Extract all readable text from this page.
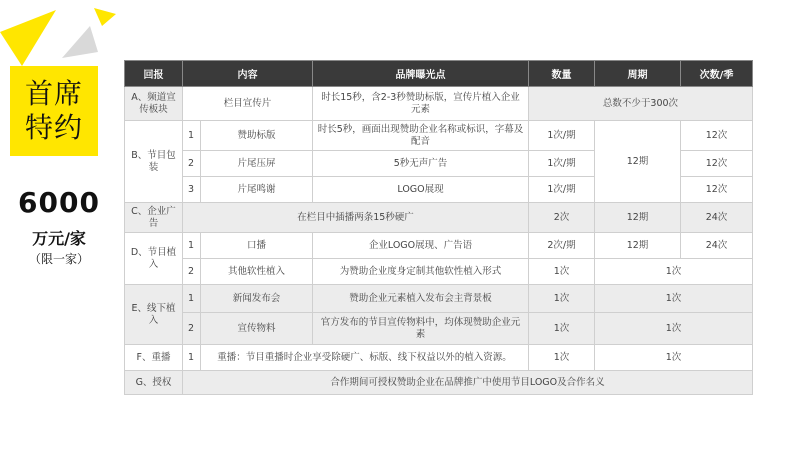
首席
特约
6000
万元/家
（限一家）
回报	内容		品牌曝光点	数量	周期	次数/季
A、频道宣传板块	栏目宣传片		时长15秒，含2-3秒赞助标版，宣传片植入企业元素	总数不少于300次		
B、节目包装	1	赞助标版	时长5秒，画面出现赞助企业名称或标识，字幕及配音	1次/期	12期	12次
	2	片尾压屏	5秒无声广告	1次/期		12次
	3	片尾鸣谢	LOGO展现	1次/期		12次
C、企业广告	在栏目中插播两条15秒硬广			2次	12期	24次
D、节目植入	1	口播	企业LOGO展现、广告语	2次/期	12期	24次
	2	其他软性植入	为赞助企业度身定制其他软性植入形式	1次	1次	
E、线下植入	1	新闻发布会	赞助企业元素植入发布会主背景板	1次	1次	
	2	宣传物料	官方发布的节目宣传物料中，均体现赞助企业元素	1次	1次	
F、重播	1	重播：节目重播时企业享受除硬广、标版、线下权益以外的植入资源。		1次	1次	
G、授权	合作期间可授权赞助企业在品牌推广中使用节目LOGO及合作名义					
